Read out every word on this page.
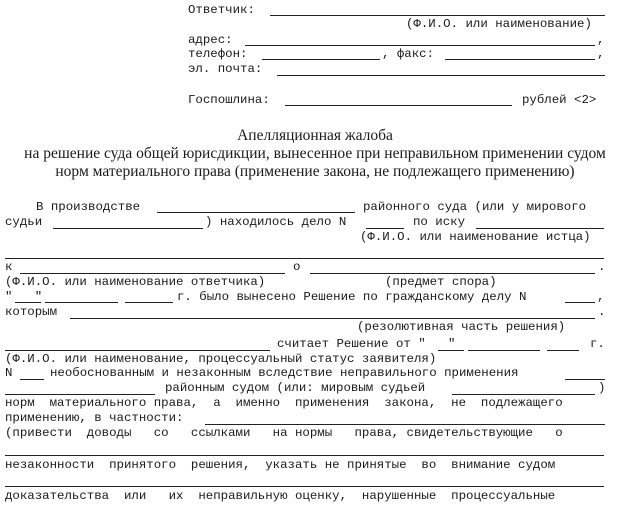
Ответчик:
(Ф.И.О. или наименование)
адрес:	,
телефон:	, факс:	,
эл. почта:
Госпошлина:	рублей <2>
Апелляционная жалоба
на решение суда общей юрисдикции, вынесенное при неправильном применении судом
норм материального права (применение закона, не подлежащего применению)
В производстве	районного суда (или у мирового
судьи	) находилось дело N	по иску
(Ф.И.О. или наименование истца)
к	о	.
(Ф.И.О. или наименование ответчика)	(предмет спора)
"   "	г. было вынесено Решение по гражданскому делу N	,
которым	.
(резолютивная часть решения)
считает Решение от "   "	г.
(Ф.И.О. или наименование, процессуальный статус заявителя)
N	необоснованным и незаконным вследствие неправильного применения
районным судом (или: мировым судьей	)
норм  материального права,  а  именно  применения  закона,  не  подлежащего
применению, в частности:
(привести  доводы   со   ссылками   на нормы   права, свидетельствующие   о
незаконности  принятого  решения,  указать не принятые  во  внимание судом
доказательства  или   их  неправильную оценку,  нарушенные  процессуальные
